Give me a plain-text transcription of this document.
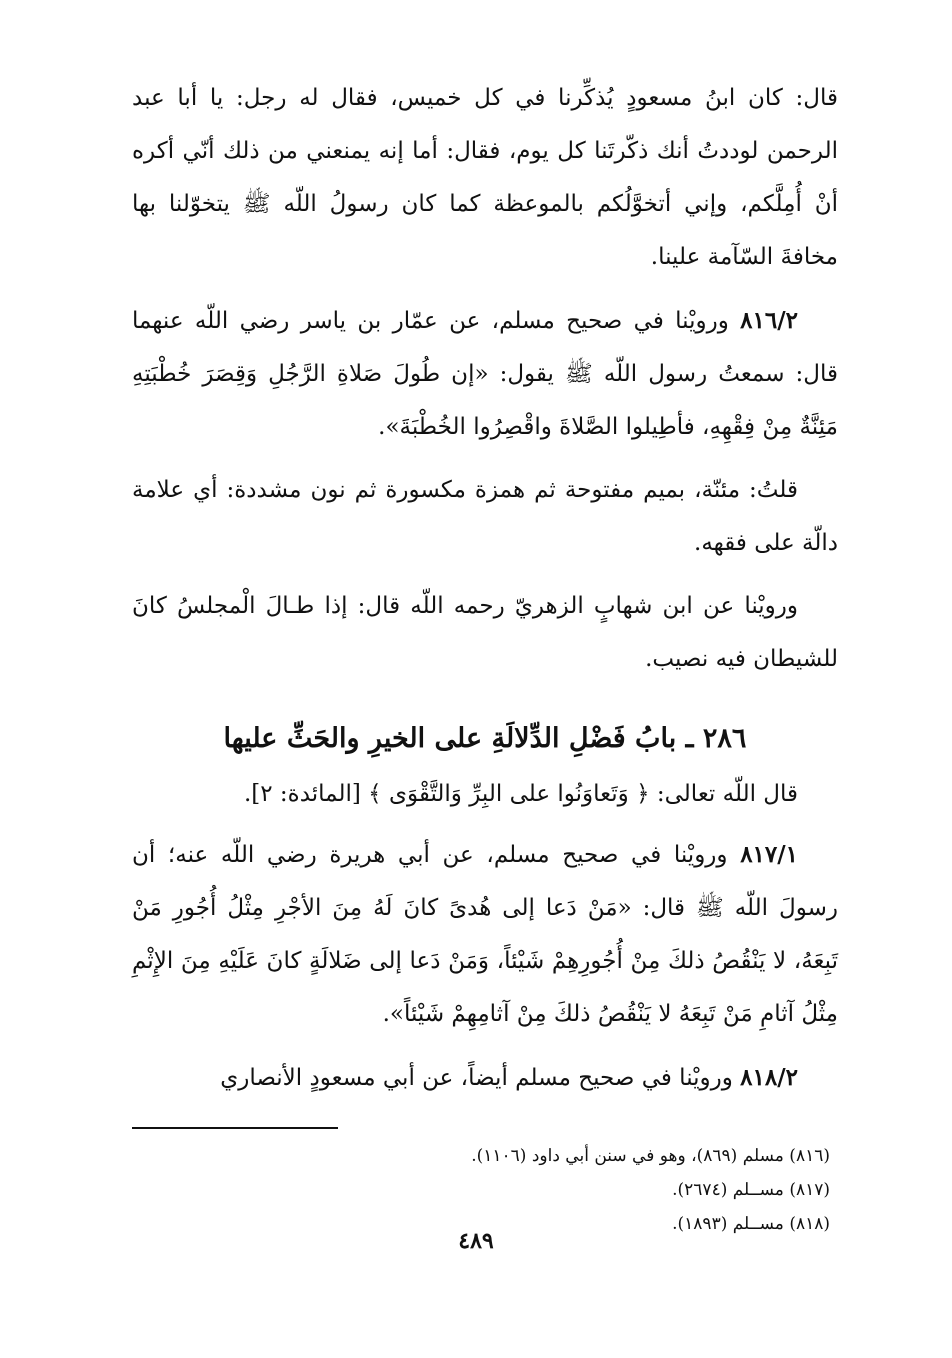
قال: كان ابنُ مسعودٍ يُذكِّرنا في كل خميس، فقال له رجل: يا أبا عبد الرحمن لوددتُ أنك ذكّرتَنا كل يوم، فقال: أما إنه يمنعني من ذلك أنّي أكره أنْ أُمِلَّكم، وإني أتخوَّلُكم بالموعظة كما كان رسولُ اللّه ﷺ يتخوّلنا بها مخافةَ السّآمة علينا.

٨١٦/٢ ورويْنا في صحيح مسلم، عن عمّار بن ياسر رضي اللّه عنهما قال: سمعتُ رسول اللّه ﷺ يقول: «إن طُولَ صَلاةِ الرَّجُلِ وَقِصَرَ خُطْبَتِهِ مَئِنَّةٌ مِنْ فِقْهِهِ، فأطِيلوا الصَّلاةَ واقْصِرُوا الخُطْبَةَ».

قلتُ: مئنّة، بميم مفتوحة ثم همزة مكسورة ثم نون مشددة: أي علامة دالّة على فقهه.

ورويْنا عن ابن شهابٍ الزهريّ رحمه اللّه قال: إذا طـالَ الْمجلسُ كانَ للشيطان فيه نصيب.

٢٨٦ ـ بابُ فَضْلِ الدِّلالَةِ على الخيرِ والحَثِّ عليها

قال اللّه تعالى: ﴿ وَتَعاوَنُوا على البِرِّ وَالتَّقْوَى ﴾ [المائدة: ٢].

٨١٧/١ ورويْنا في صحيح مسلم، عن أبي هريرة رضي اللّه عنه؛ أن رسولَ اللّه ﷺ قال: «مَنْ دَعا إلى هُدىً كانَ لَهُ مِنَ الأجْرِ مِثْلُ أُجُورِ مَنْ تَبِعَهُ، لا يَنْقُصُ ذلكَ مِنْ أُجُورِهِمْ شَيْئاً، وَمَنْ دَعا إلى ضَلالَةٍ كانَ عَلَيْهِ مِنَ الإِثْمِ مِثْلُ آثامِ مَنْ تَبِعَهُ لا يَنْقُصُ ذلكَ مِنْ آثامِهِمْ شَيْئاً».

٨١٨/٢ ورويْنا في صحيح مسلم أيضاً، عن أبي مسعودٍ الأنصاري

(٨١٦) مسلم (٨٦٩)، وهو في سنن أبي داود (١١٠٦).
(٨١٧) مســلم (٢٦٧٤).
(٨١٨) مســلم (١٨٩٣).
٤٨٩
